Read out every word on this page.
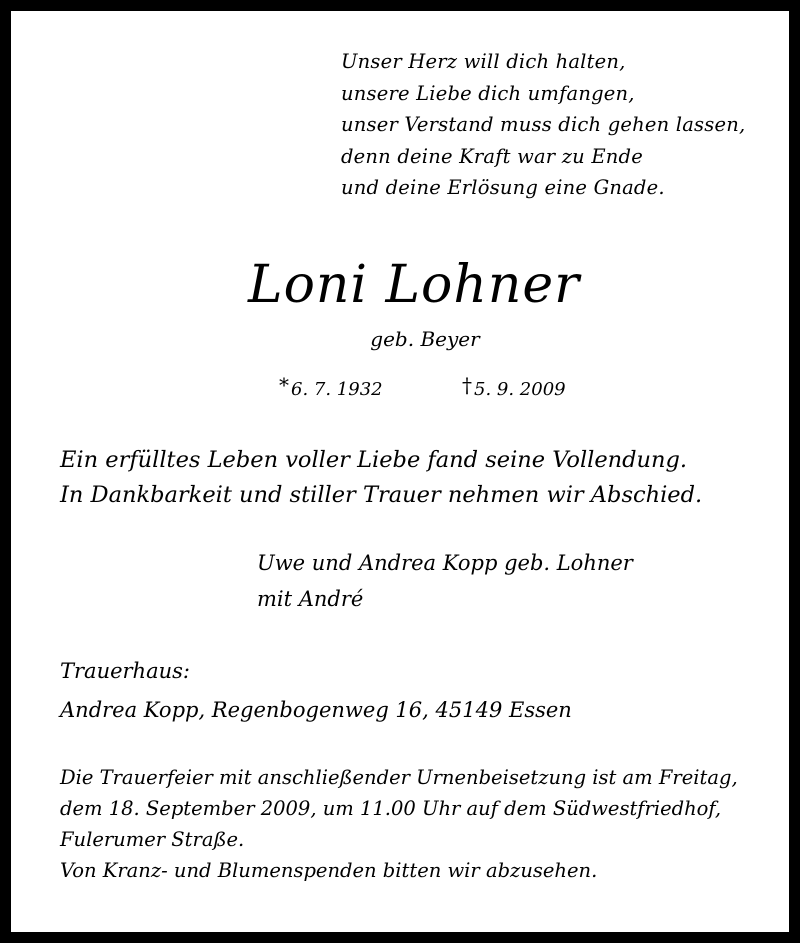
Unser Herz will dich halten,
unsere Liebe dich umfangen,
unser Verstand muss dich gehen lassen,
denn deine Kraft war zu Ende
und deine Erlösung eine Gnade.
Loni Lohner
geb. Beyer
* 6. 7. 1932	† 5. 9. 2009
Ein erfülltes Leben voller Liebe fand seine Vollendung.
In Dankbarkeit und stiller Trauer nehmen wir Abschied.
Uwe und Andrea Kopp geb. Lohner
mit André
Trauerhaus:
Andrea Kopp, Regenbogenweg 16, 45149 Essen
Die Trauerfeier mit anschließender Urnenbeisetzung ist am Freitag,
dem 18. September 2009, um 11.00 Uhr auf dem Südwestfriedhof,
Fulerumer Straße.
Von Kranz- und Blumenspenden bitten wir abzusehen.
